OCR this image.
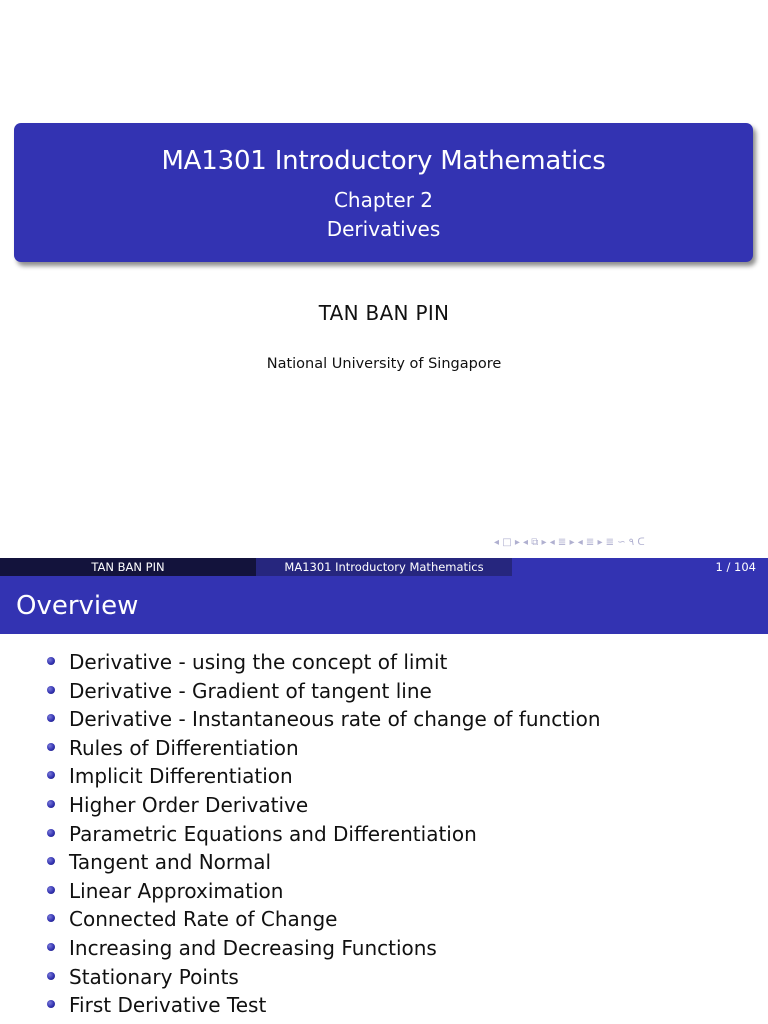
MA1301 Introductory Mathematics
Chapter 2
Derivatives
TAN BAN PIN
National University of Singapore
◂ □ ▸ ◂ ⧉ ▸ ◂ ≣ ▸ ◂ ≣ ▸ ≣ ∽ ٩ ᑕ
TAN BAN PIN	MA1301 Introductory Mathematics	1 / 104
Overview
Derivative - using the concept of limit
Derivative - Gradient of tangent line
Derivative - Instantaneous rate of change of function
Rules of Differentiation
Implicit Differentiation
Higher Order Derivative
Parametric Equations and Differentiation
Tangent and Normal
Linear Approximation
Connected Rate of Change
Increasing and Decreasing Functions
Stationary Points
First Derivative Test
